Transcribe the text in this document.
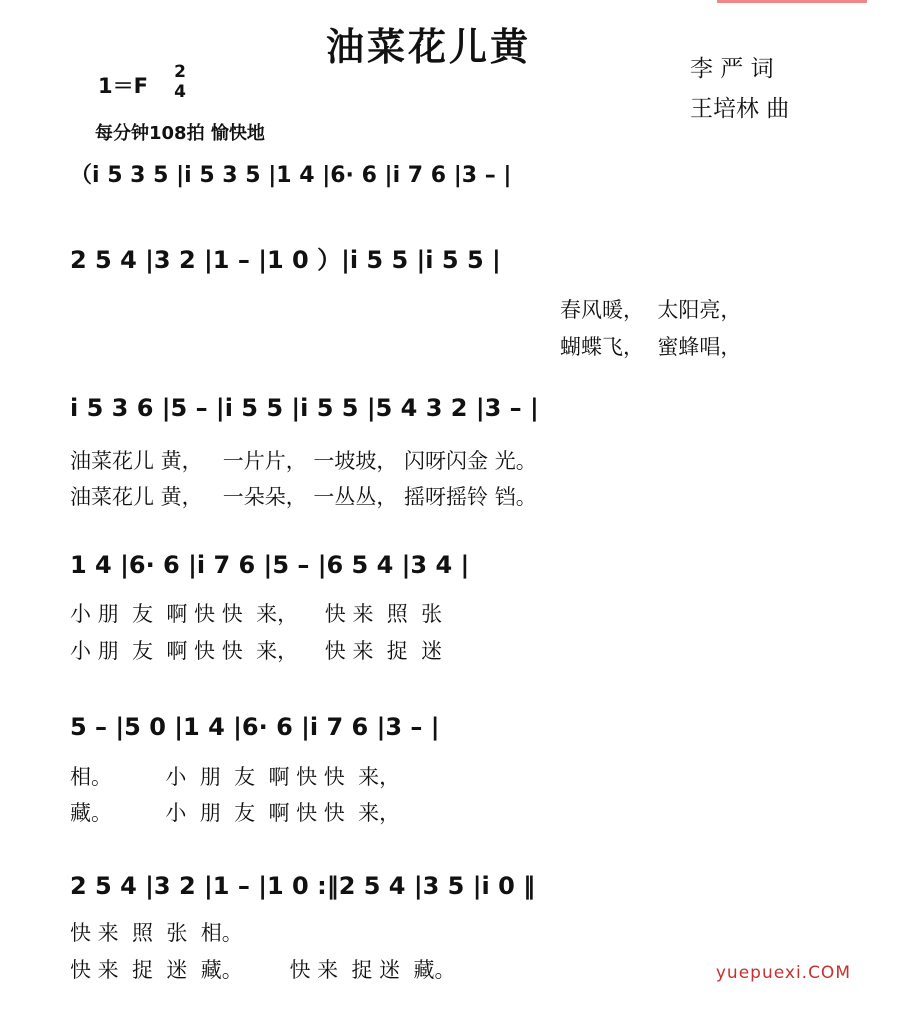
油菜花儿黄	李 严 词
王培林 曲
1＝F
2
4
每分钟108拍 愉快地
（i 5 3 5 |i 5 3 5 |1 4 |6· 6 |i 7 6 |3 – |
2 5 4 |3 2 |1 – |1 0 ）|i 5 5 |i 5 5 |
春风暖，  太阳亮，
蝴蝶飞，  蜜蜂唱，
i 5 3 6 |5 – |i 5 5 |i 5 5 |5 4 3 2 |3 – |
油菜花儿 黄，   一片片， 一坡坡， 闪呀闪金 光。
油菜花儿 黄，   一朵朵， 一丛丛， 摇呀摇铃 铛。
1 4 |6· 6 |i 7 6 |5 – |6 5 4 |3 4 |
小 朋  友  啊 快 快  来，    快 来  照  张
小 朋  友  啊 快 快  来，    快 来  捉  迷
5 – |5 0 |1 4 |6· 6 |i 7 6 |3 – |
相。        小  朋  友  啊 快 快  来，
藏。        小  朋  友  啊 快 快  来，
2 5 4 |3 2 |1 – |1 0 :‖2 5 4 |3 5 |i 0 ‖
快 来  照  张  相。
快 来  捉  迷  藏。       快 来  捉 迷  藏。	yuepuexi.COM
